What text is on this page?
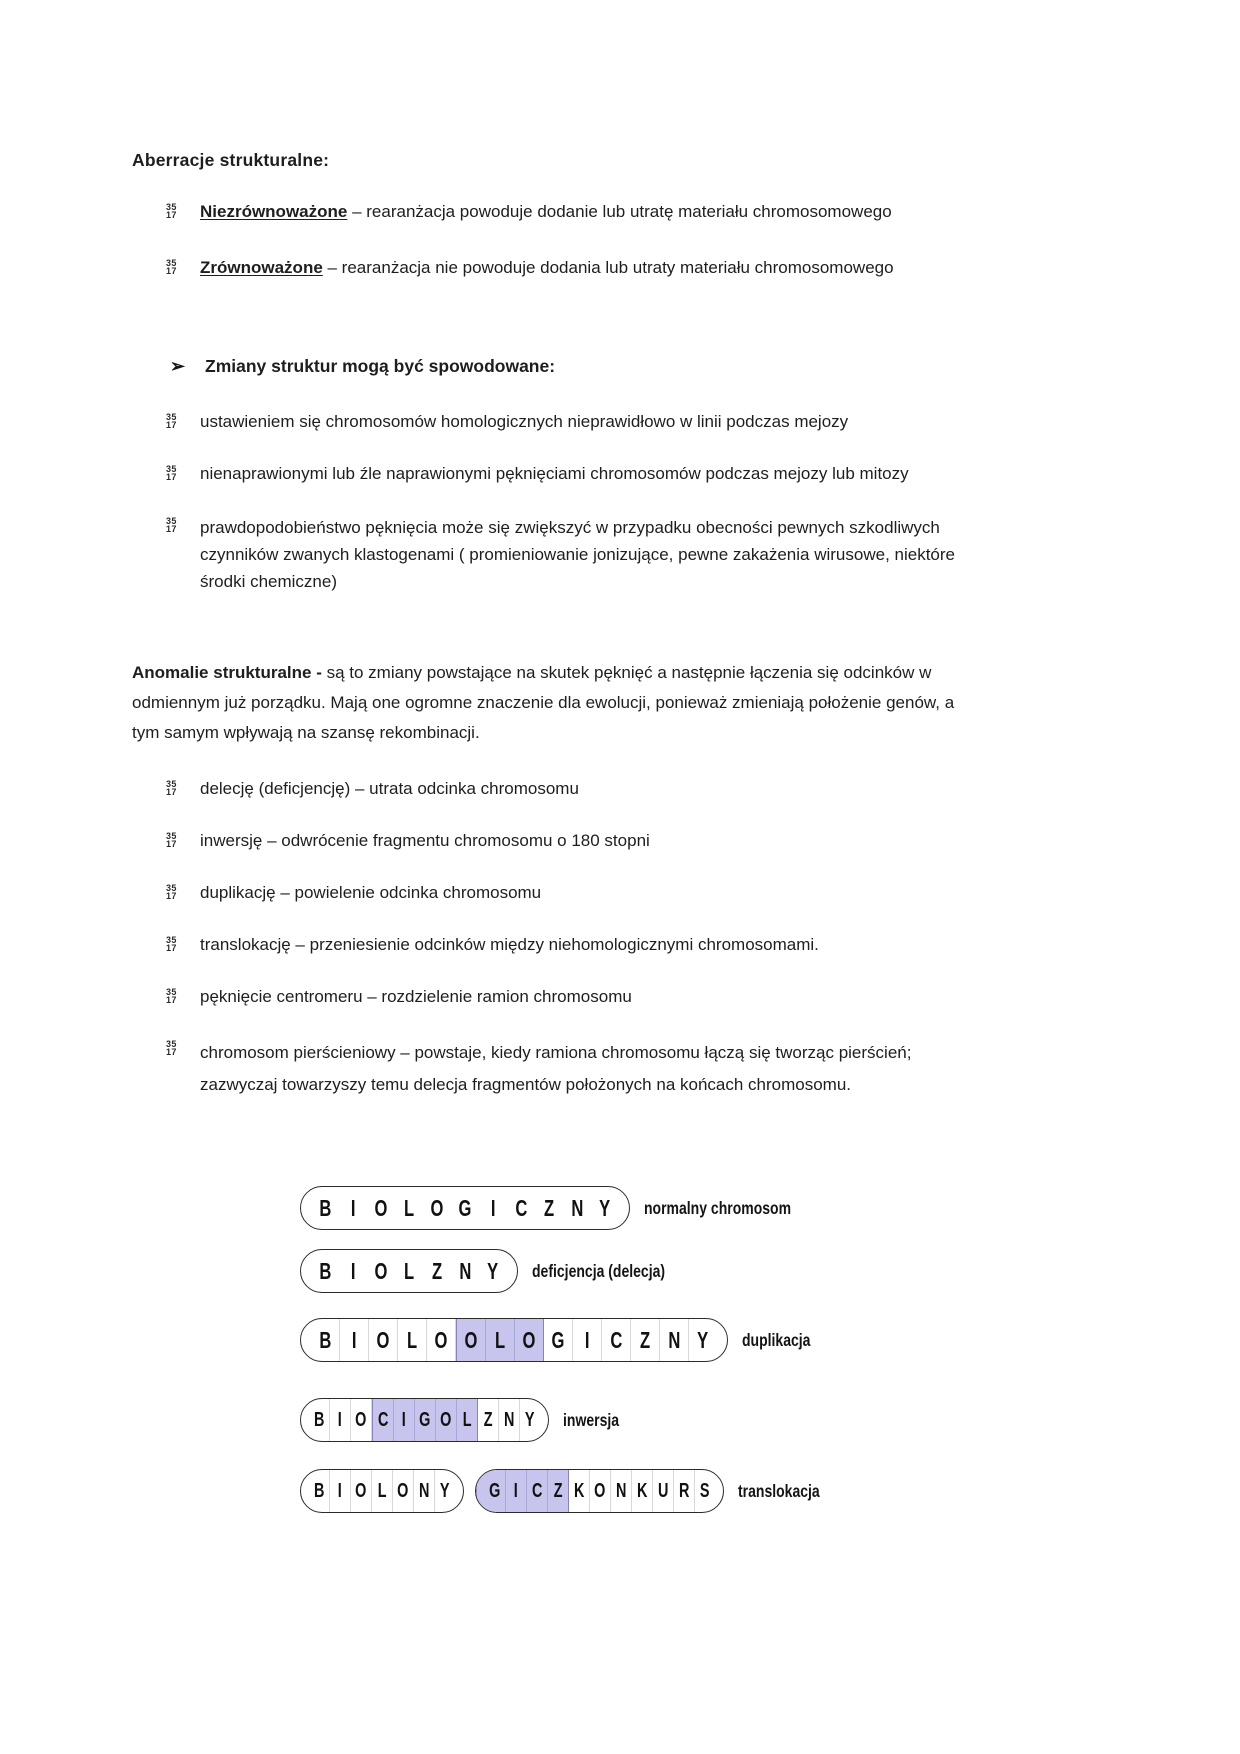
Aberracje strukturalne:
35
17 Niezrównoważone – rearanżacja powoduje dodanie lub utratę materiału chromosomowego
35
17 Zrównoważone – rearanżacja nie powoduje dodania lub utraty materiału chromosomowego
➢	Zmiany struktur mogą być spowodowane:
35
17 ustawieniem się chromosomów homologicznych nieprawidłowo w linii podczas mejozy
35
17 nienaprawionymi lub źle naprawionymi pęknięciami chromosomów podczas mejozy lub mitozy
35
17 prawdopodobieństwo pęknięcia może się zwiększyć w przypadku obecności pewnych szkodliwych czynników zwanych klastogenami ( promieniowanie jonizujące, pewne zakażenia wirusowe, niektóre środki chemiczne)
Anomalie strukturalne - są to zmiany powstające na skutek pęknięć a następnie łączenia się odcinków w odmiennym już porządku. Mają one ogromne znaczenie dla ewolucji, ponieważ zmieniają położenie genów, a tym samym wpływają na szansę rekombinacji.
35
17 delecję (deficjencję) – utrata odcinka chromosomu
35
17 inwersję – odwrócenie fragmentu chromosomu o 180 stopni
35
17 duplikację – powielenie odcinka chromosomu
35
17 translokację – przeniesienie odcinków między niehomologicznymi chromosomami.
35
17 pęknięcie centromeru – rozdzielenie ramion chromosomu
35
17 chromosom pierścieniowy – powstaje, kiedy ramiona chromosomu łączą się tworząc pierścień; zazwyczaj towarzyszy temu delecja fragmentów położonych na końcach chromosomu.
B I O L O G I C Z N Y normalny chromosom
B I O L Z N Y deficjencja (delecja)
B I O L O O L O G I C Z N Y duplikacja
B I O C I G O L Z N Y inwersja
B I O L O N Y G I C Z K O N K U R S translokacja
